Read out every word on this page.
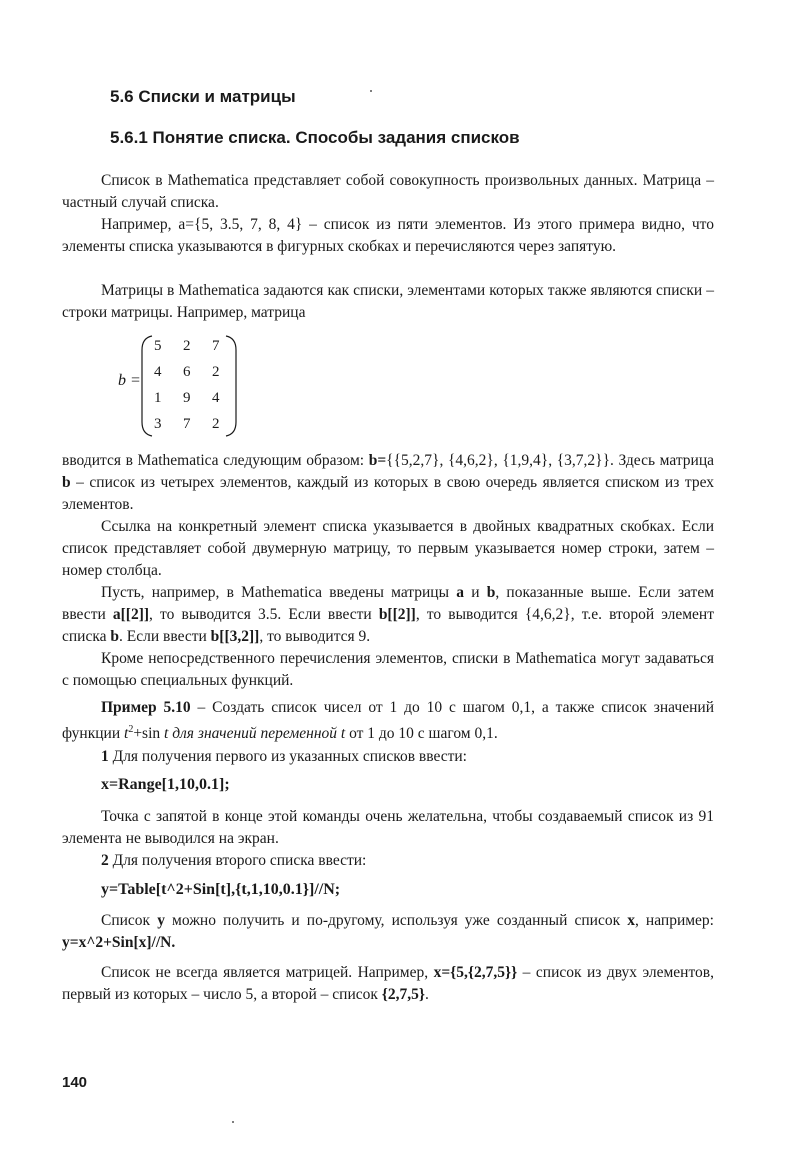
5.6 Списки и матрицы
5.6.1 Понятие списка. Способы задания списков

Список в Mathematica представляет собой совокупность произвольных данных. Матрица – частный случай списка.

Например, a={5, 3.5, 7, 8, 4} – список из пяти элементов. Из этого примера видно, что элементы списка указываются в фигурных скобках и перечисляются через запятую.

Матрицы в Mathematica задаются как списки, элементами которых также являются списки – строки матрицы. Например, матрица

b =
5 2 7
4 6 2
1 9 4
3 7 2

вводится в Mathematica следующим образом: b={{5,2,7}, {4,6,2}, {1,9,4}, {3,7,2}}. Здесь матрица b – список из четырех элементов, каждый из которых в свою очередь является списком из трех элементов.

Ссылка на конкретный элемент списка указывается в двойных квадратных скобках. Если список представляет собой двумерную матрицу, то первым указывается номер строки, затем – номер столбца.

Пусть, например, в Mathematica введены матрицы a и b, показанные выше. Если затем ввести a[[2]], то выводится 3.5. Если ввести b[[2]], то выводится {4,6,2}, т.е. второй элемент списка b. Если ввести b[[3,2]], то выводится 9.

Кроме непосредственного перечисления элементов, списки в Mathematica могут задаваться с помощью специальных функций.

Пример 5.10 – Создать список чисел от 1 до 10 с шагом 0,1, а также список значений функции $t^2+\sin$ t для значений переменной t от 1 до 10 с шагом 0,1.

1 Для получения первого из указанных списков ввести:

x=Range[1,10,0.1];

Точка с запятой в конце этой команды очень желательна, чтобы создаваемый список из 91 элемента не выводился на экран.

2 Для получения второго списка ввести:

y=Table[t^2+Sin[t],{t,1,10,0.1}]//N;

Список y можно получить и по-другому, используя уже созданный список x, например: y=x^2+Sin[x]//N.

Список не всегда является матрицей. Например, x={5,{2,7,5}} – список из двух элементов, первый из которых – число 5, а второй – список {2,7,5}.

140
